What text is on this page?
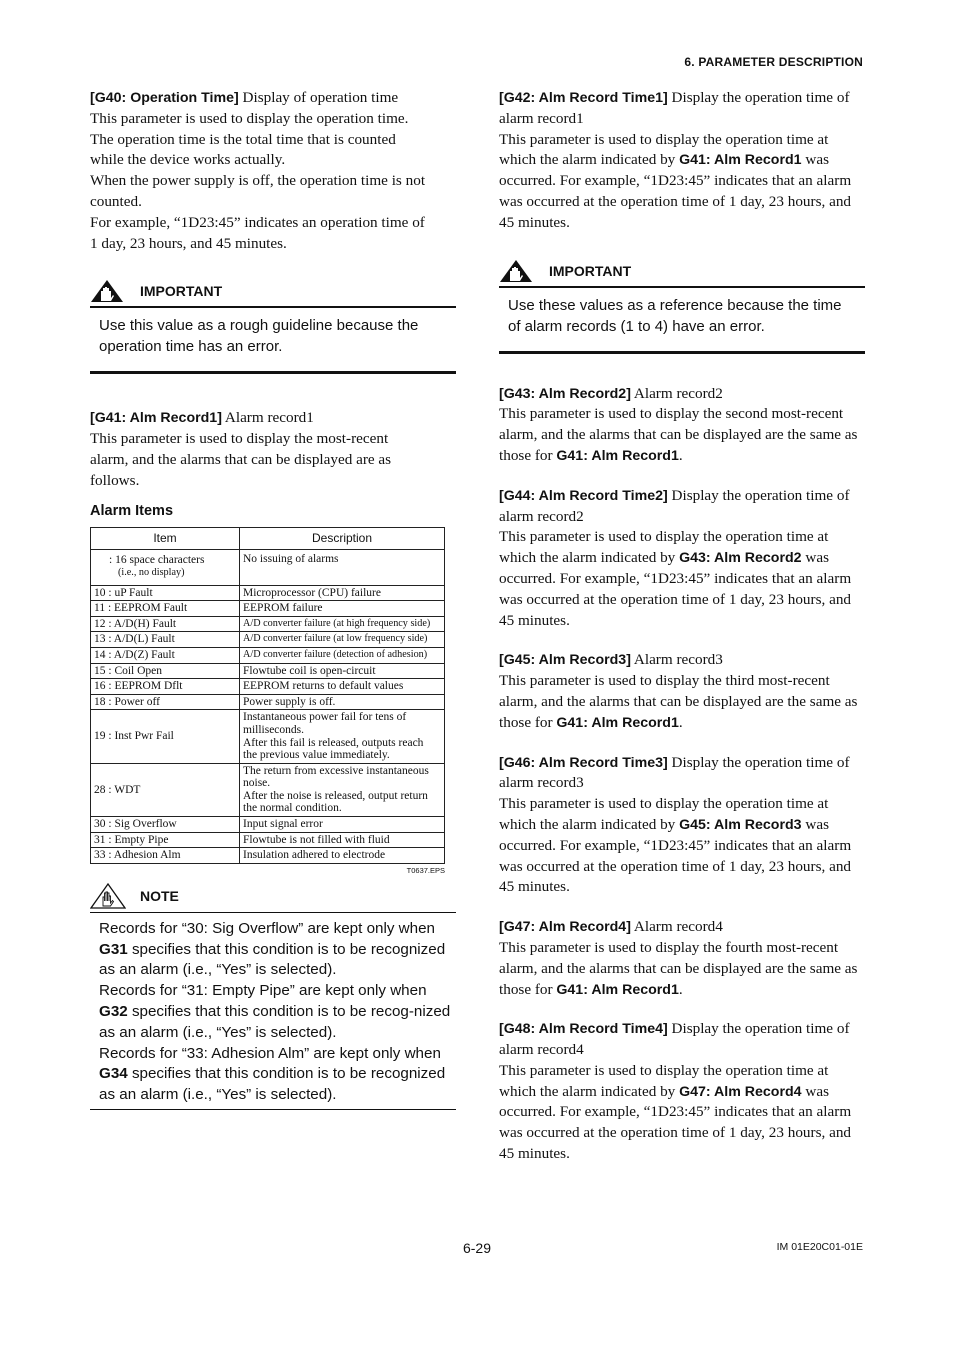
6. PARAMETER DESCRIPTION
[G40: Operation Time] Display of operation time
This parameter is used to display the operation time.
The operation time is the total time that is counted
while the device works actually.
When the power supply is off, the operation time is not
counted.
For example, “1D23:45” indicates an operation time of
1 day, 23 hours, and 45 minutes.
IMPORTANT
Use this value as a rough guideline because the operation time has an error.
[G41: Alm Record1] Alarm record1
This parameter is used to display the most-recent
alarm, and the alarms that can be displayed are as
follows.
Alarm Items
Item	Description

: 16 space characters
(i.e., no display)	No issuing of alarms
10 : uP Fault	Microprocessor (CPU) failure
11 : EEPROM Fault	EEPROM failure
12 : A/D(H) Fault	A/D converter failure (at high frequency side)
13 : A/D(L) Fault	A/D converter failure (at low frequency side)
14 : A/D(Z) Fault	A/D converter failure (detection of adhesion)
15 : Coil Open	Flowtube coil is open-circuit
16 : EEPROM Dflt	EEPROM returns to default values
18 : Power off	Power supply is off.
19 : Inst Pwr Fail	Instantaneous power fail for tens of
milliseconds.
After this fail is released, outputs reach
the previous value immediately.

28 : WDT	The return from excessive instantaneous
noise.
After the noise is released, output return
the normal condition.

30 : Sig Overflow	Input signal error
31 : Empty Pipe	Flowtube is not filled with fluid
33 : Adhesion Alm	Insulation adhered to electrode
T0637.EPS
NOTE
Records for “30: Sig Overflow” are kept only when G31 specifies that this condition is to be recognized as an alarm (i.e., “Yes” is selected).
Records for “31: Empty Pipe” are kept only when G32 specifies that this condition is to be recog-nized as an alarm (i.e., “Yes” is selected).
Records for “33: Adhesion Alm” are kept only when G34 specifies that this condition is to be recognized as an alarm (i.e., “Yes” is selected).
[G42: Alm Record Time1] Display the operation time of alarm record1
This parameter is used to display the operation time at which the alarm indicated by G41: Alm Record1 was occurred. For example, “1D23:45” indicates that an alarm was occurred at the operation time of 1 day, 23 hours, and 45 minutes.
IMPORTANT
Use these values as a reference because the time of alarm records (1 to 4) have an error.
[G43: Alm Record2] Alarm record2
This parameter is used to display the second most-recent alarm, and the alarms that can be displayed are the same as those for G41: Alm Record1.
[G44: Alm Record Time2] Display the operation time of alarm record2
This parameter is used to display the operation time at which the alarm indicated by G43: Alm Record2 was occurred. For example, “1D23:45” indicates that an alarm was occurred at the operation time of 1 day, 23 hours, and 45 minutes.
[G45: Alm Record3] Alarm record3
This parameter is used to display the third most-recent alarm, and the alarms that can be displayed are the same as those for G41: Alm Record1.
[G46: Alm Record Time3] Display the operation time of alarm record3
This parameter is used to display the operation time at which the alarm indicated by G45: Alm Record3 was occurred. For example, “1D23:45” indicates that an alarm was occurred at the operation time of 1 day, 23 hours, and 45 minutes.
[G47: Alm Record4] Alarm record4
This parameter is used to display the fourth most-recent alarm, and the alarms that can be displayed are the same as those for G41: Alm Record1.
[G48: Alm Record Time4] Display the operation time of alarm record4
This parameter is used to display the operation time at which the alarm indicated by G47: Alm Record4 was occurred. For example, “1D23:45” indicates that an alarm was occurred at the operation time of 1 day, 23 hours, and 45 minutes.
6-29	IM 01E20C01-01E
